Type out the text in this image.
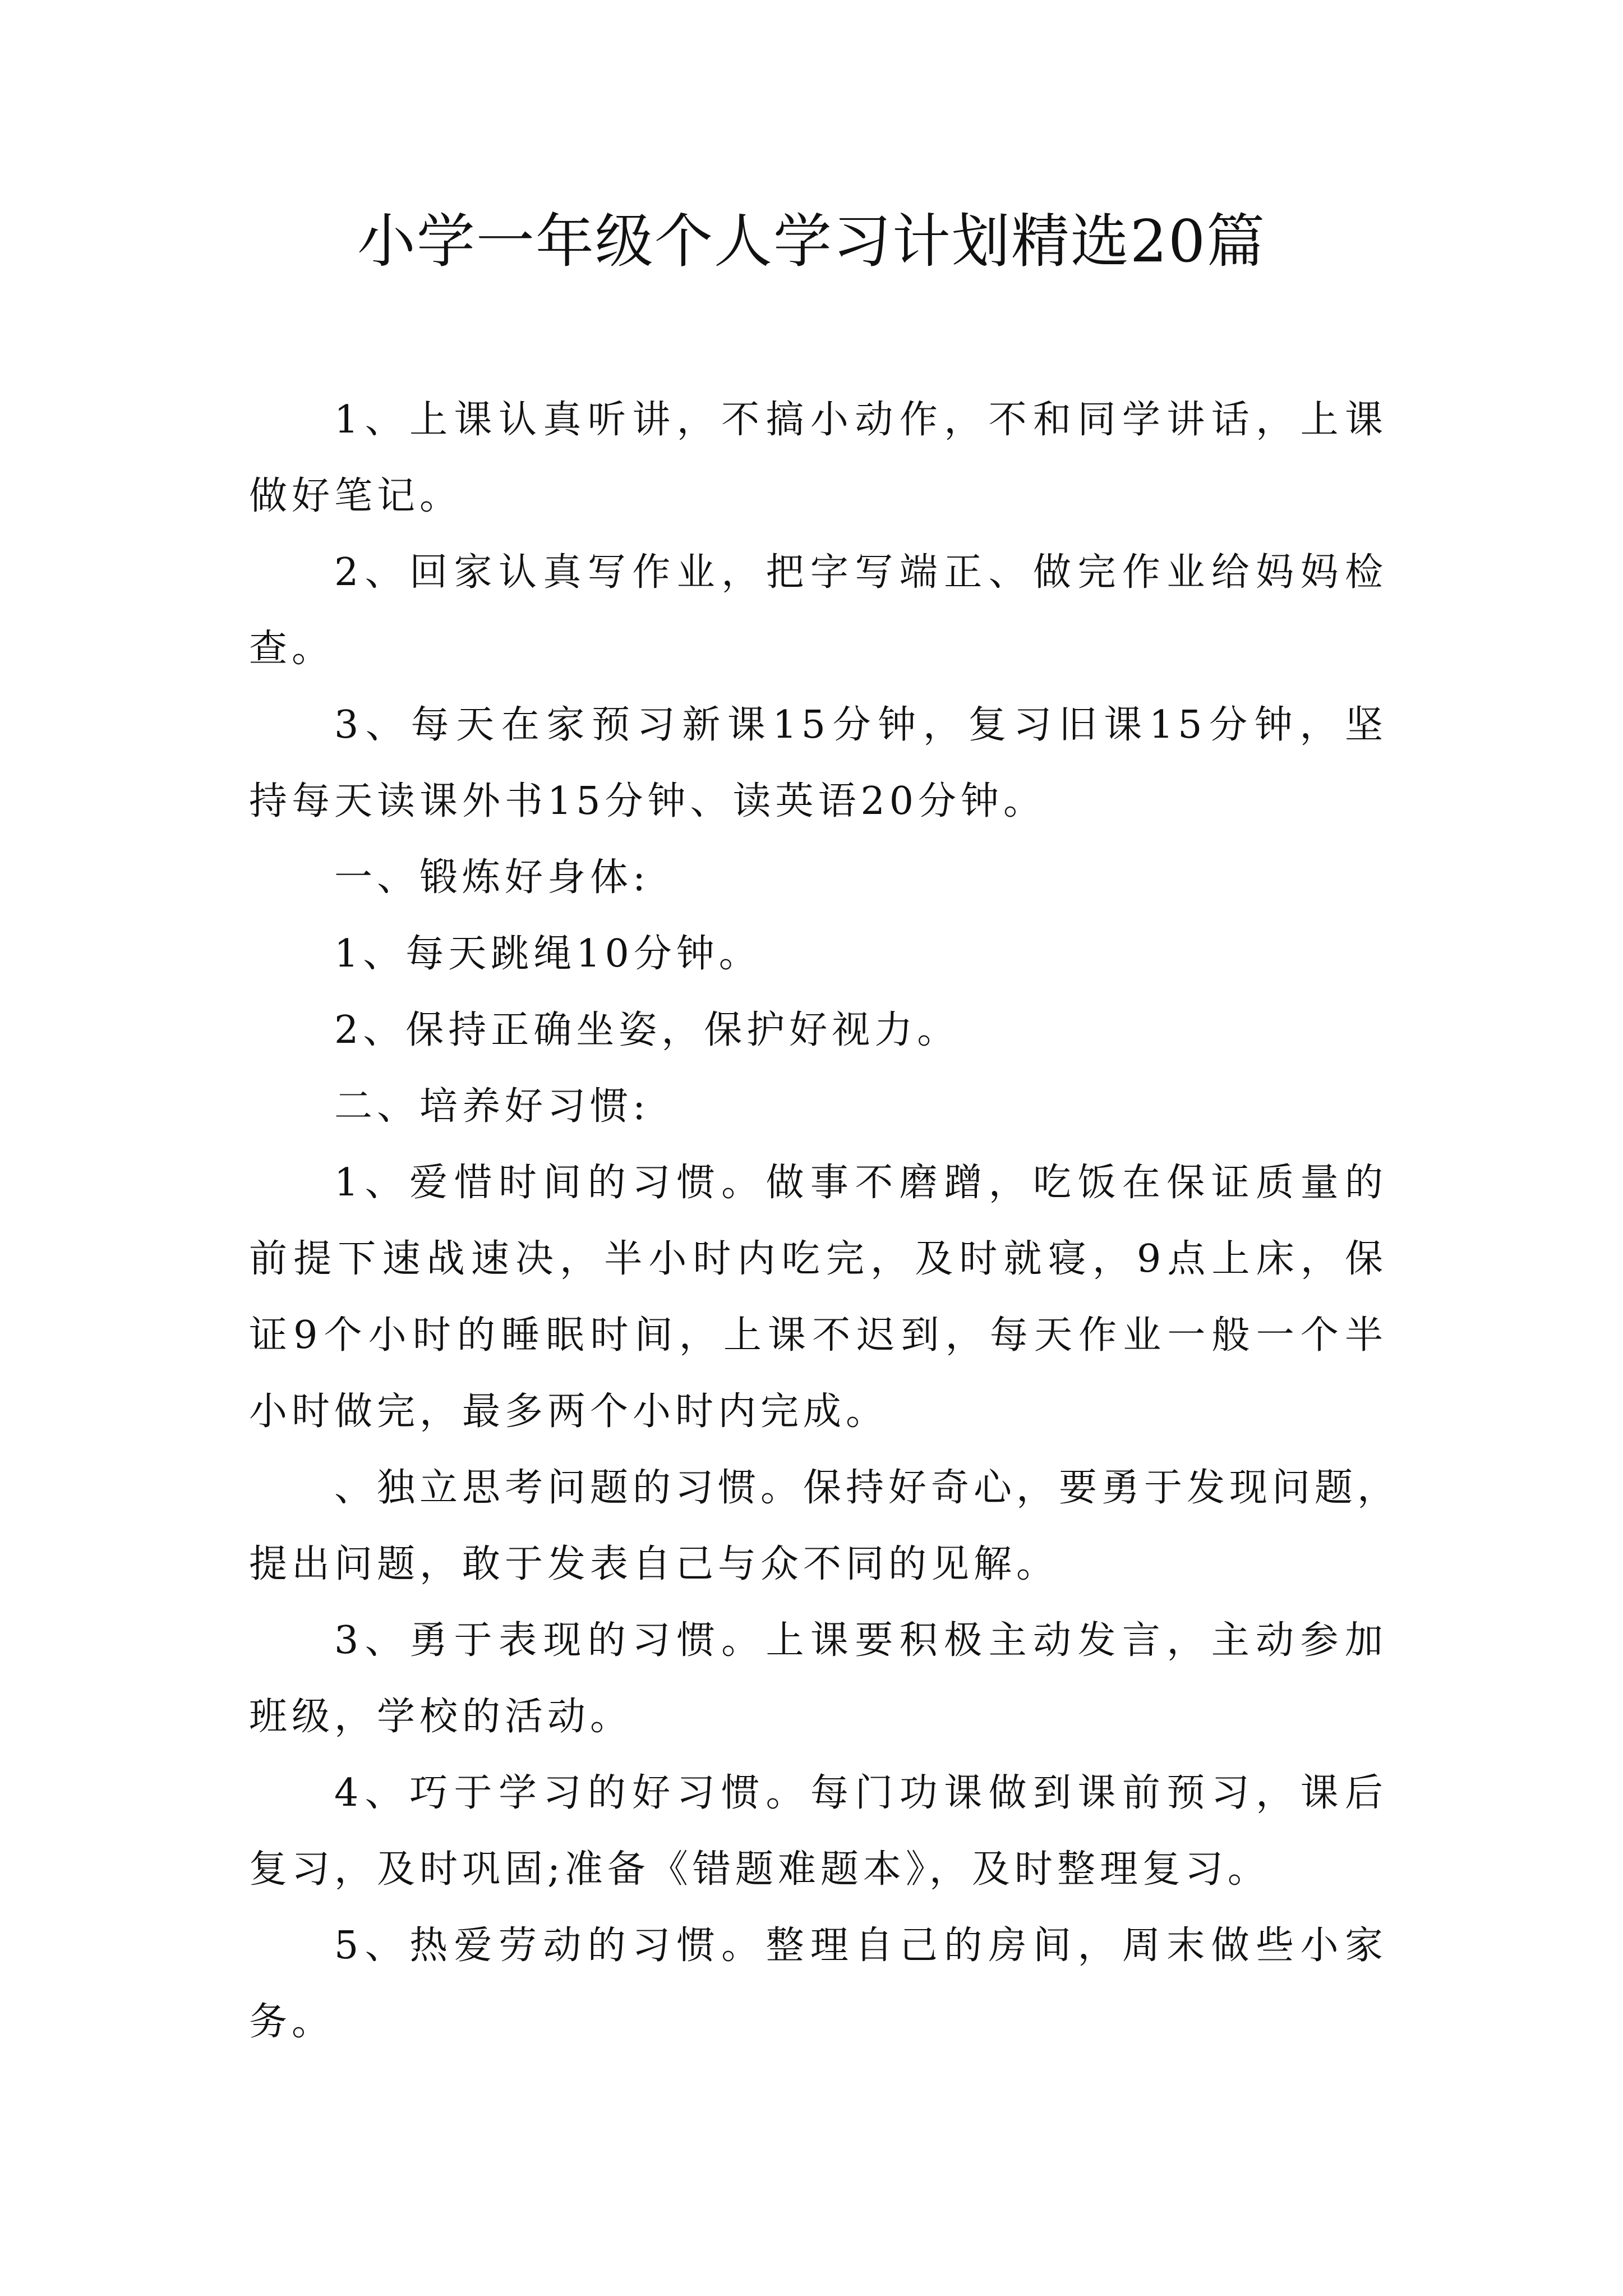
小学一年级个人学习计划精选20篇

1、上课认真听讲，不搞小动作，不和同学讲话，上课
做好笔记。

2、回家认真写作业，把字写端正、做完作业给妈妈检
查。

3、每天在家预习新课15分钟，复习旧课15分钟，坚
持每天读课外书15分钟、读英语20分钟。

一、锻炼好身体:

1、每天跳绳10分钟。

2、保持正确坐姿，保护好视力。

二、培养好习惯:

1、爱惜时间的习惯。做事不磨蹭，吃饭在保证质量的
前提下速战速决，半小时内吃完，及时就寝，9点上床，保
证9个小时的睡眠时间，上课不迟到，每天作业一般一个半
小时做完，最多两个小时内完成。

、独立思考问题的习惯。保持好奇心，要勇于发现问题，
提出问题，敢于发表自己与众不同的见解。

3、勇于表现的习惯。上课要积极主动发言，主动参加
班级，学校的活动。

4、巧于学习的好习惯。每门功课做到课前预习，课后
复习，及时巩固;准备《错题难题本》，及时整理复习。

5、热爱劳动的习惯。整理自己的房间，周末做些小家
务。
